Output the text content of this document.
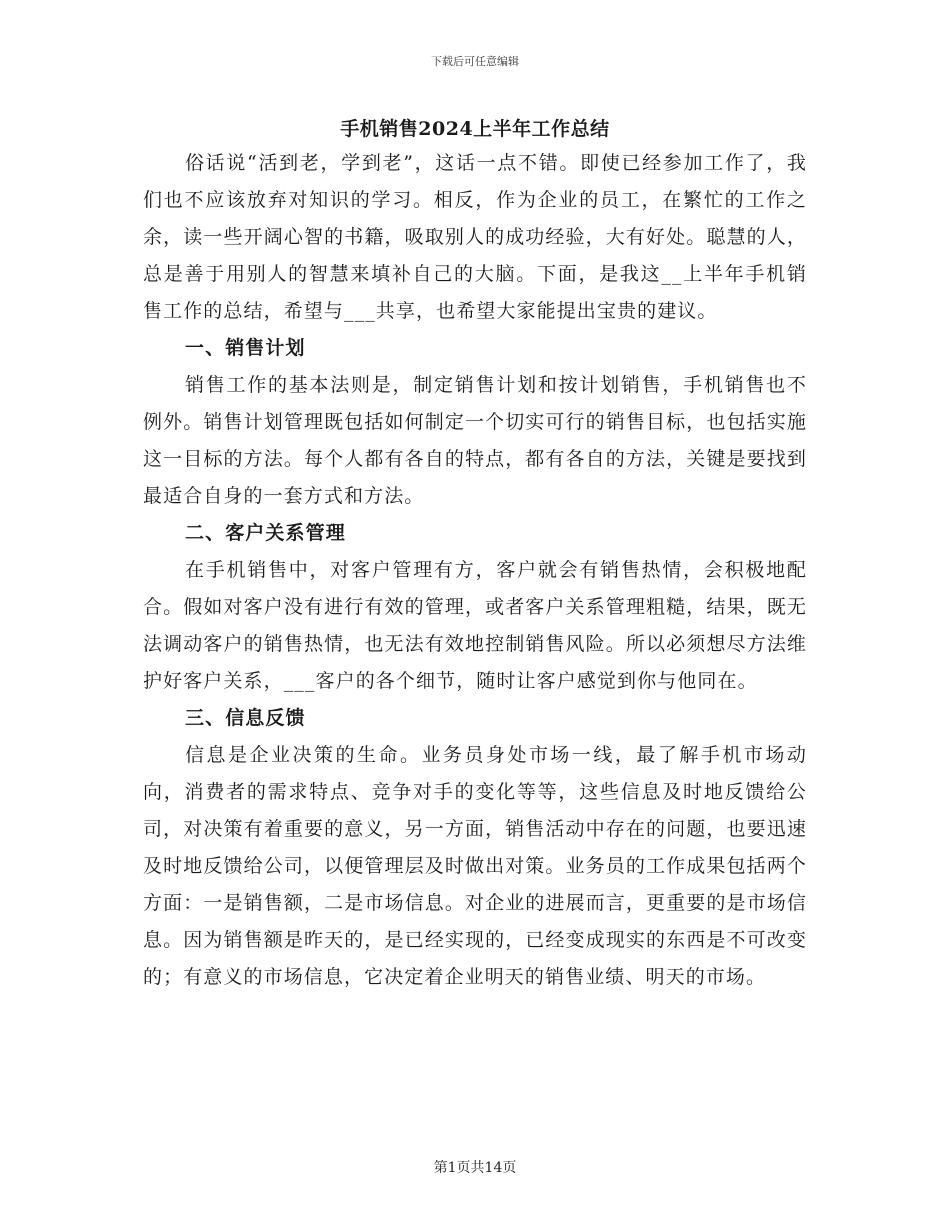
下载后可任意编辑
手机销售2024上半年工作总结

俗话说“活到老，学到老”，这话一点不错。即使已经参加工作了，我们也不应该放弃对知识的学习。相反，作为企业的员工，在繁忙的工作之余，读一些开阔心智的书籍，吸取别人的成功经验，大有好处。聪慧的人，总是善于用别人的智慧来填补自己的大脑。下面，是我这__上半年手机销售工作的总结，希望与___共享，也希望大家能提出宝贵的建议。

一、销售计划

销售工作的基本法则是，制定销售计划和按计划销售，手机销售也不例外。销售计划管理既包括如何制定一个切实可行的销售目标，也包括实施这一目标的方法。每个人都有各自的特点，都有各自的方法，关键是要找到最适合自身的一套方式和方法。

二、客户关系管理

在手机销售中，对客户管理有方，客户就会有销售热情，会积极地配合。假如对客户没有进行有效的管理，或者客户关系管理粗糙，结果，既无法调动客户的销售热情，也无法有效地控制销售风险。所以必须想尽方法维护好客户关系，___客户的各个细节，随时让客户感觉到你与他同在。

三、信息反馈

信息是企业决策的生命。业务员身处市场一线，最了解手机市场动向，消费者的需求特点、竞争对手的变化等等，这些信息及时地反馈给公司，对决策有着重要的意义，另一方面，销售活动中存在的问题，也要迅速及时地反馈给公司，以便管理层及时做出对策。业务员的工作成果包括两个方面：一是销售额，二是市场信息。对企业的进展而言，更重要的是市场信息。因为销售额是昨天的，是已经实现的，已经变成现实的东西是不可改变的；有意义的市场信息，它决定着企业明天的销售业绩、明天的市场。

第1页共14页
